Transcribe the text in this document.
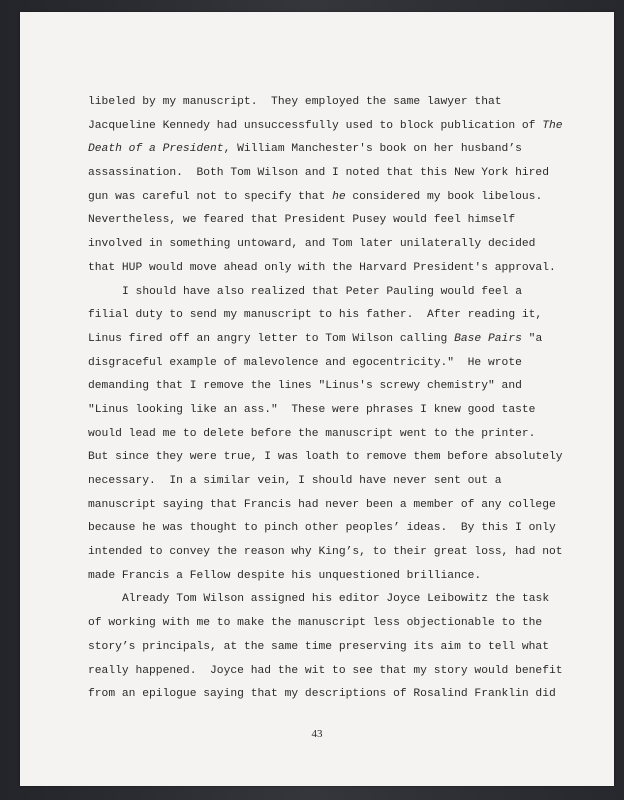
libeled by my manuscript.  They employed the same lawyer that
Jacqueline Kennedy had unsuccessfully used to block publication of The
Death of a President, William Manchester's book on her husband’s
assassination.  Both Tom Wilson and I noted that this New York hired
gun was careful not to specify that he considered my book libelous.
Nevertheless, we feared that President Pusey would feel himself
involved in something untoward, and Tom later unilaterally decided
that HUP would move ahead only with the Harvard President's approval.
I should have also realized that Peter Pauling would feel a
filial duty to send my manuscript to his father.  After reading it,
Linus fired off an angry letter to Tom Wilson calling Base Pairs "a
disgraceful example of malevolence and egocentricity."  He wrote
demanding that I remove the lines "Linus's screwy chemistry" and
"Linus looking like an ass."  These were phrases I knew good taste
would lead me to delete before the manuscript went to the printer.
But since they were true, I was loath to remove them before absolutely
necessary.  In a similar vein, I should have never sent out a
manuscript saying that Francis had never been a member of any college
because he was thought to pinch other peoples’ ideas.  By this I only
intended to convey the reason why King’s, to their great loss, had not
made Francis a Fellow despite his unquestioned brilliance.
Already Tom Wilson assigned his editor Joyce Leibowitz the task
of working with me to make the manuscript less objectionable to the
story’s principals, at the same time preserving its aim to tell what
really happened.  Joyce had the wit to see that my story would benefit
from an epilogue saying that my descriptions of Rosalind Franklin did
43
